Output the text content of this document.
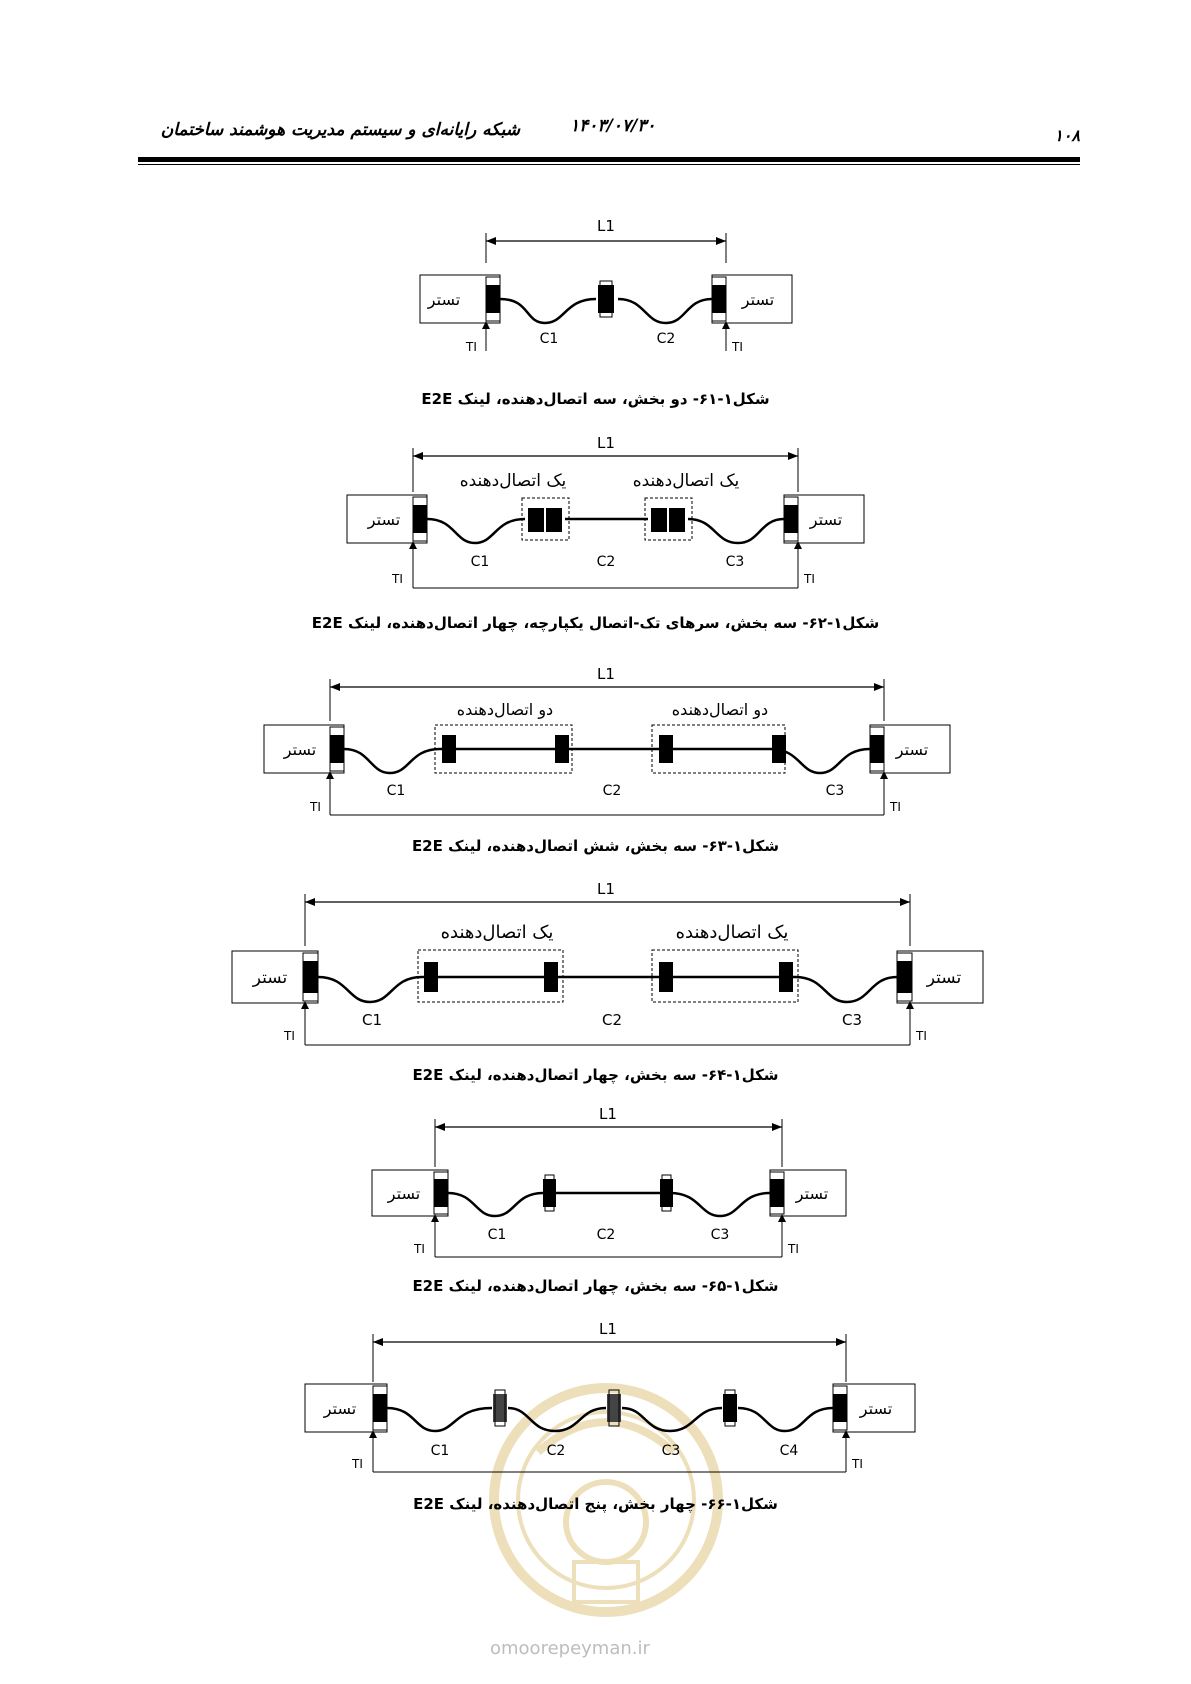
شبکه رایانه‌ای و سیستم مدیریت هوشمند ساختمان	۱۴۰۳/۰۷/۳۰	۱۰۸
L1
تستر	تستر
C1	C2
TI	TI
شکل۱-۶۱- دو بخش، سه اتصال‌دهنده، لینک E2E
L1
یک اتصال‌دهنده	یک اتصال‌دهنده
تستر	تستر
C1	C2	C3
TI	TI
شکل۱-۶۲- سه بخش، سرهای تک-اتصال یکپارچه، چهار اتصال‌دهنده، لینک E2E
L1
دو اتصال‌دهنده	دو اتصال‌دهنده
تستر	تستر
C1	C2	C3
TI	TI
شکل۱-۶۳- سه بخش، شش اتصال‌دهنده، لینک E2E
L1
یک اتصال‌دهنده	یک اتصال‌دهنده
تستر	تستر
C1	C2	C3
TI	TI
شکل۱-۶۴- سه بخش، چهار اتصال‌دهنده، لینک E2E
L1
تستر	تستر
C1	C2	C3
TI	TI
شکل۱-۶۵- سه بخش، چهار اتصال‌دهنده، لینک E2E
omoorepeyman.ir
L1
تستر	تستر
C1	C2	C3	C4
TI	TI
شکل۱-۶۶- چهار بخش، پنج اتصال‌دهنده، لینک E2E
